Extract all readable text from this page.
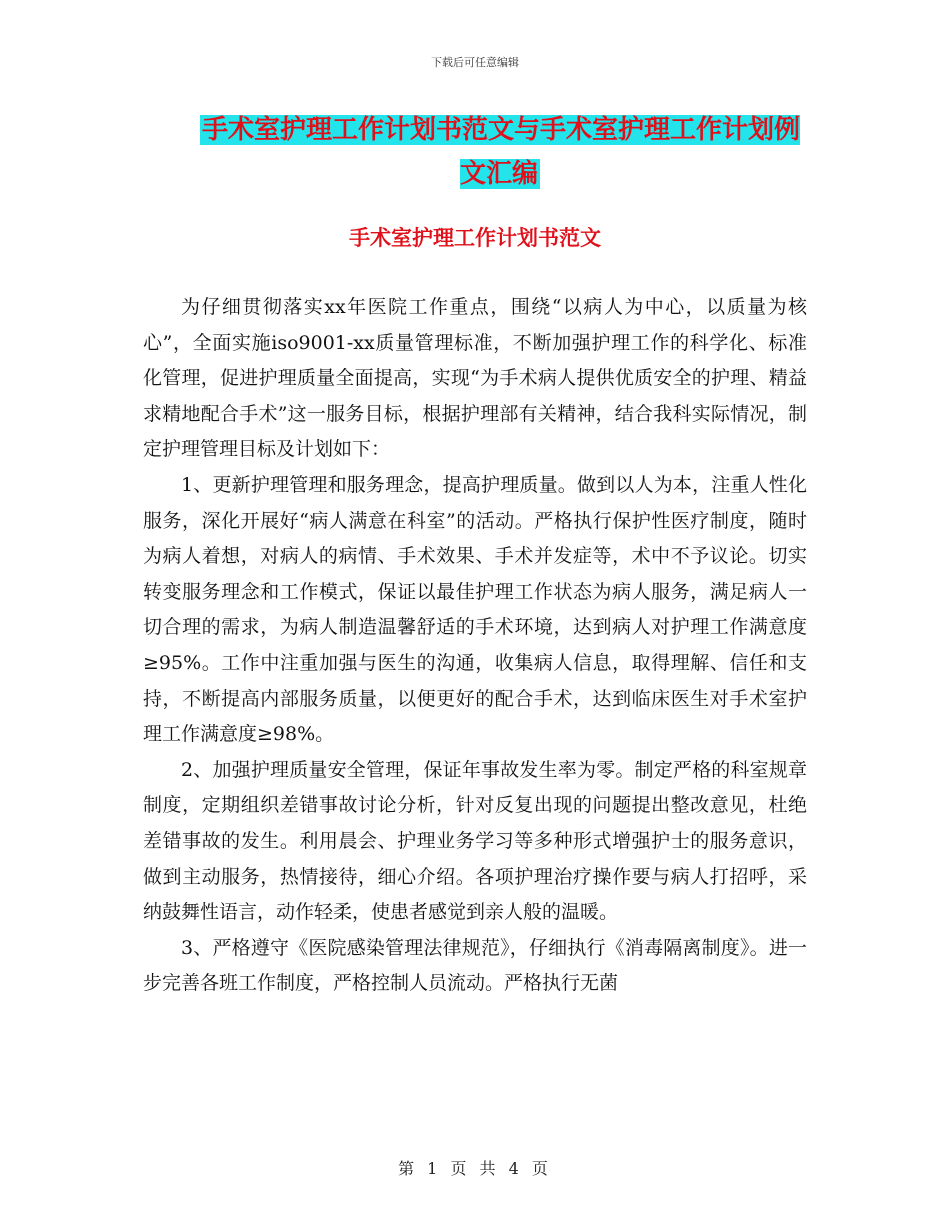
下载后可任意编辑
手术室护理工作计划书范文与手术室护理工作计划例文汇编
手术室护理工作计划书范文

为仔细贯彻落实xx年医院工作重点，围绕“以病人为中心，以质量为核心”，全面实施iso9001-xx质量管理标准，不断加强护理工作的科学化、标准化管理，促进护理质量全面提高，实现“为手术病人提供优质安全的护理、精益求精地配合手术”这一服务目标，根据护理部有关精神，结合我科实际情况，制定护理管理目标及计划如下：

1、更新护理管理和服务理念，提高护理质量。做到以人为本，注重人性化服务，深化开展好“病人满意在科室”的活动。严格执行保护性医疗制度，随时为病人着想，对病人的病情、手术效果、手术并发症等，术中不予议论。切实转变服务理念和工作模式，保证以最佳护理工作状态为病人服务，满足病人一切合理的需求，为病人制造温馨舒适的手术环境，达到病人对护理工作满意度≥95%。工作中注重加强与医生的沟通，收集病人信息，取得理解、信任和支持，不断提高内部服务质量，以便更好的配合手术，达到临床医生对手术室护理工作满意度≥98%。

2、加强护理质量安全管理，保证年事故发生率为零。制定严格的科室规章制度，定期组织差错事故讨论分析，针对反复出现的问题提出整改意见，杜绝差错事故的发生。利用晨会、护理业务学习等多种形式增强护士的服务意识，做到主动服务，热情接待，细心介绍。各项护理治疗操作要与病人打招呼，采纳鼓舞性语言，动作轻柔，使患者感觉到亲人般的温暖。

3、严格遵守《医院感染管理法律规范》，仔细执行《消毒隔离制度》。进一步完善各班工作制度，严格控制人员流动。严格执行无菌

第 1 页 共 4 页
